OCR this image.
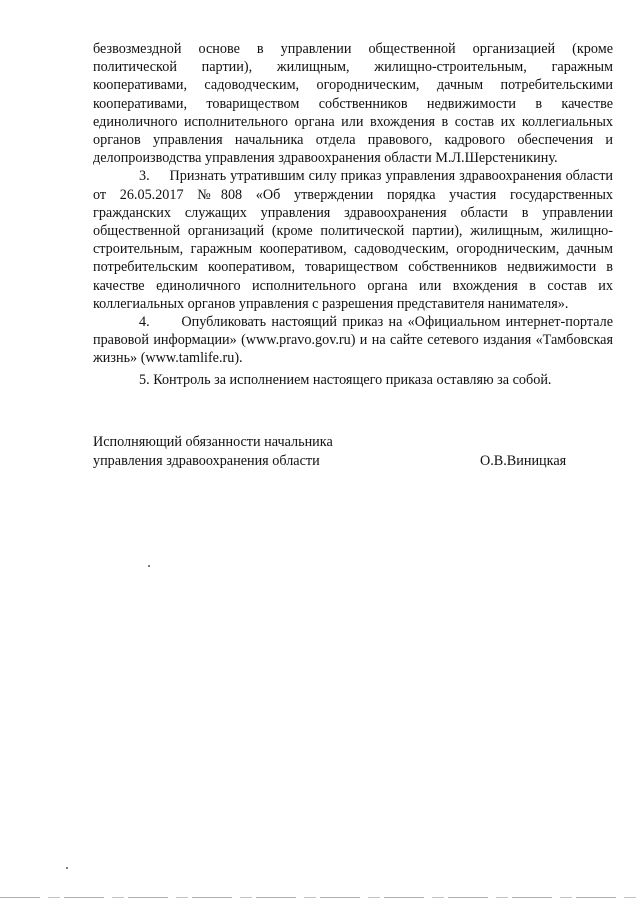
безвозмездной основе в управлении общественной организацией (кроме политической партии), жилищным, жилищно-строительным, гаражным кооперативами, садоводческим, огородническим, дачным потребительскими кооперативами, товариществом собственников недвижимости в качестве единоличного исполнительного органа или вхождения в состав их коллегиальных органов управления начальника отдела правового, кадрового обеспечения и делопроизводства управления здравоохранения области М.Л.Шерстеникину.

3.     Признать утратившим силу приказ управления здравоохранения области от 26.05.2017 №808 «Об утверждении порядка участия государственных гражданских служащих управления здравоохранения области в управлении общественной организаций (кроме политической партии), жилищным, жилищно-строительным, гаражным кооперативом, садоводческим, огородническим, дачным потребительским кооперативом, товариществом собственников недвижимости в качестве единоличного исполнительного органа или вхождения в состав их коллегиальных органов управления с разрешения представителя нанимателя».

4.      Опубликовать настоящий приказ на «Официальном интернет-портале правовой информации» (www.pravo.gov.ru) и на сайте сетевого издания «Тамбовская жизнь» (www.tamlife.ru).

5. Контроль за исполнением настоящего приказа оставляю за собой.

Исполняющий обязанности начальника
управления здравоохранения области	О.В.Виницкая
